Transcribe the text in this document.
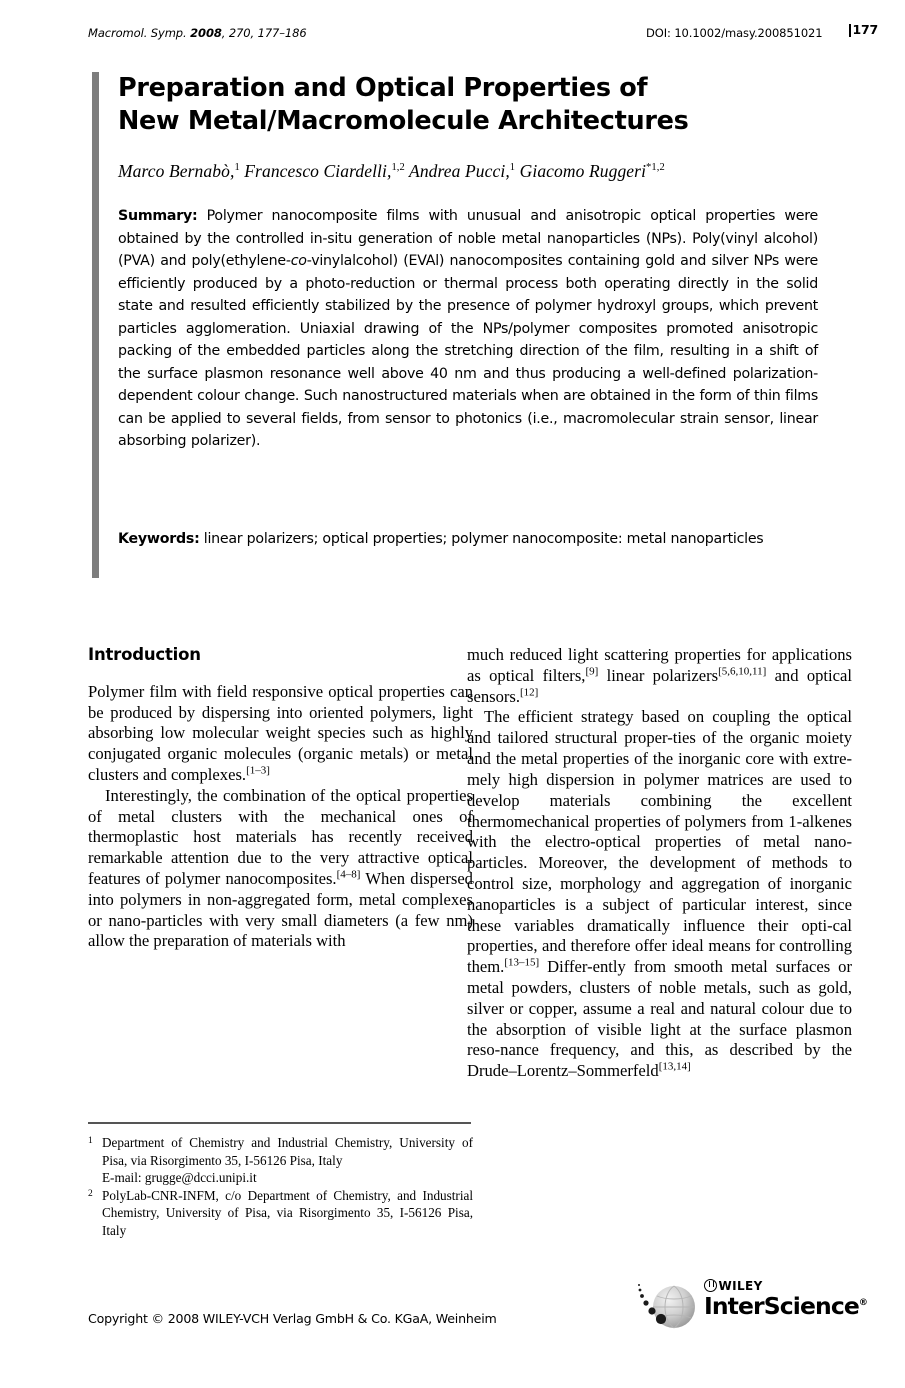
Macromol. Symp. 2008, 270, 177–186	DOI: 10.1002/masy.200851021 177
Preparation and Optical Properties of
New Metal/Macromolecule Architectures
Marco Bernabò,$^1$ Francesco Ciardelli,$^{1,2}$ Andrea Pucci,$^1$ Giacomo Ruggeri$^{*1,2}$
Summary: Polymer nanocomposite films with unusual and anisotropic optical properties were obtained by the controlled in-situ generation of noble metal nanoparticles (NPs). Poly(vinyl alcohol) (PVA) and poly(ethylene-co-vinylalcohol) (EVAl) nanocomposites containing gold and silver NPs were efficiently produced by a photo-reduction or thermal process both operating directly in the solid state and resulted efficiently stabilized by the presence of polymer hydroxyl groups, which prevent particles agglomeration. Uniaxial drawing of the NPs/polymer composites promoted anisotropic packing of the embedded particles along the stretching direction of the film, resulting in a shift of the surface plasmon resonance well above 40 nm and thus producing a well-defined polarization-dependent colour change. Such nanostructured materials when are obtained in the form of thin films can be applied to several fields, from sensor to photonics (i.e., macromolecular strain sensor, linear absorbing polarizer).
Keywords: linear polarizers; optical properties; polymer nanocomposite: metal nanoparticles
Introduction

Polymer film with field responsive optical properties can be produced by dispersing into oriented polymers, light absorbing low molecular weight species such as highly conjugated organic molecules (organic metals) or metal clusters and complexes.[1–3]

Interestingly, the combination of the optical properties of metal clusters with the mechanical ones of thermoplastic host materials has recently received remarkable attention due to the very attractive optical features of polymer nanocomposites.[4–8] When dispersed into polymers in non-aggregated form, metal complexes or nano-particles with very small diameters (a few nm) allow the preparation of materials with

much reduced light scattering properties for applications as optical filters,[9] linear polarizers[5,6,10,11] and optical sensors.[12]

The efficient strategy based on coupling the optical and tailored structural proper-ties of the organic moiety and the metal properties of the inorganic core with extre-mely high dispersion in polymer matrices are used to develop materials combining the excellent thermomechanical properties of polymers from 1-alkenes with the electro-optical properties of metal nano-particles. Moreover, the development of methods to control size, morphology and aggregation of inorganic nanoparticles is a subject of particular interest, since these variables dramatically influence their opti-cal properties, and therefore offer ideal means for controlling them.[13–15] Differ-ently from smooth metal surfaces or metal powders, clusters of noble metals, such as gold, silver or copper, assume a real and natural colour due to the absorption of visible light at the surface plasmon reso-nance frequency, and this, as described by the Drude–Lorentz–Sommerfeld[13,14]

1 Department of Chemistry and Industrial Chemistry, University of Pisa, via Risorgimento 35, I-56126 Pisa, Italy
E-mail: grugge@dcci.unipi.it
2 PolyLab-CNR-INFM, c/o Department of Chemistry, and Industrial Chemistry, University of Pisa, via Risorgimento 35, I-56126 Pisa, Italy
Copyright © 2008 WILEY-VCH Verlag GmbH & Co. KGaA, Weinheim
WILEY
InterScience®
